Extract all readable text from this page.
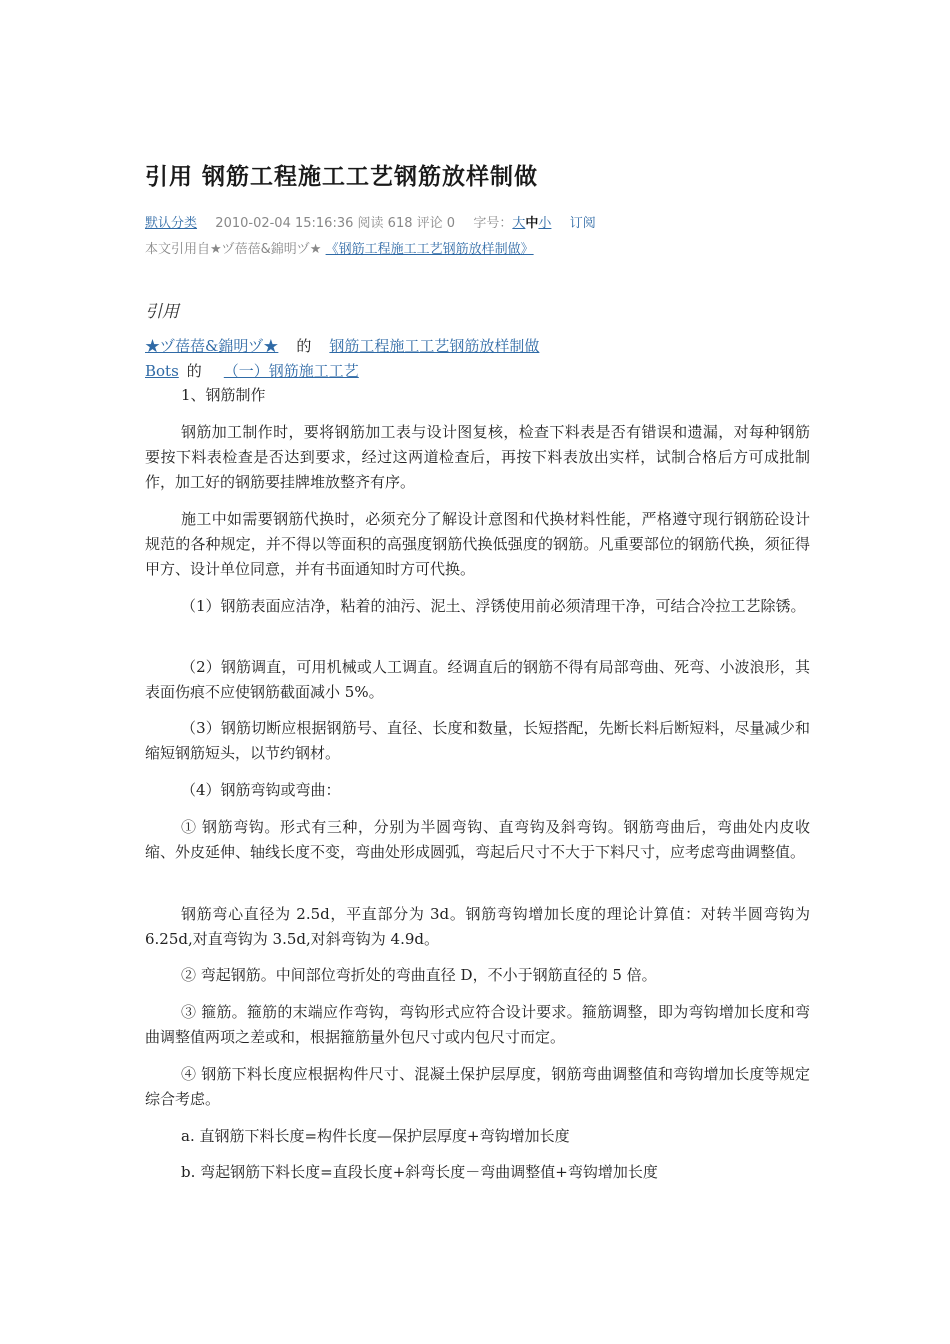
引用 钢筋工程施工工艺钢筋放样制做
默认分类 2010-02-04 15:16:36 阅读 618 评论 0 字号：大中小 订阅
本文引用自★ヅ蓓蓓&錦明ヅ★ 《钢筋工程施工工艺钢筋放样制做》
引用
★ヅ蓓蓓&錦明ヅ★ 的 钢筋工程施工工艺钢筋放样制做
Bots 的 （一）钢筋施工工艺

1、钢筋制作

钢筋加工制作时，要将钢筋加工表与设计图复核，检查下料表是否有错误和遗漏，对每种钢筋要按下料表检查是否达到要求，经过这两道检查后，再按下料表放出实样，试制合格后方可成批制作，加工好的钢筋要挂牌堆放整齐有序。

施工中如需要钢筋代换时，必须充分了解设计意图和代换材料性能，严格遵守现行钢筋砼设计规范的各种规定，并不得以等面积的高强度钢筋代换低强度的钢筋。凡重要部位的钢筋代换，须征得甲方、设计单位同意，并有书面通知时方可代换。

（1）钢筋表面应洁净，粘着的油污、泥土、浮锈使用前必须清理干净，可结合冷拉工艺除锈。

（2）钢筋调直，可用机械或人工调直。经调直后的钢筋不得有局部弯曲、死弯、小波浪形，其表面伤痕不应使钢筋截面减小 5%。

（3）钢筋切断应根据钢筋号、直径、长度和数量，长短搭配，先断长料后断短料，尽量减少和缩短钢筋短头，以节约钢材。

（4）钢筋弯钩或弯曲：

① 钢筋弯钩。形式有三种，分别为半圆弯钩、直弯钩及斜弯钩。钢筋弯曲后，弯曲处内皮收缩、外皮延伸、轴线长度不变，弯曲处形成圆弧，弯起后尺寸不大于下料尺寸，应考虑弯曲调整值。

钢筋弯心直径为 2.5d，平直部分为 3d。钢筋弯钩增加长度的理论计算值：对转半圆弯钩为 6.25d,对直弯钩为 3.5d,对斜弯钩为 4.9d。

② 弯起钢筋。中间部位弯折处的弯曲直径 D，不小于钢筋直径的 5 倍。

③ 箍筋。箍筋的末端应作弯钩，弯钩形式应符合设计要求。箍筋调整，即为弯钩增加长度和弯曲调整值两项之差或和，根据箍筋量外包尺寸或内包尺寸而定。

④ 钢筋下料长度应根据构件尺寸、混凝土保护层厚度，钢筋弯曲调整值和弯钩增加长度等规定综合考虑。

a. 直钢筋下料长度=构件长度—保护层厚度+弯钩增加长度

b. 弯起钢筋下料长度=直段长度+斜弯长度－弯曲调整值+弯钩增加长度
